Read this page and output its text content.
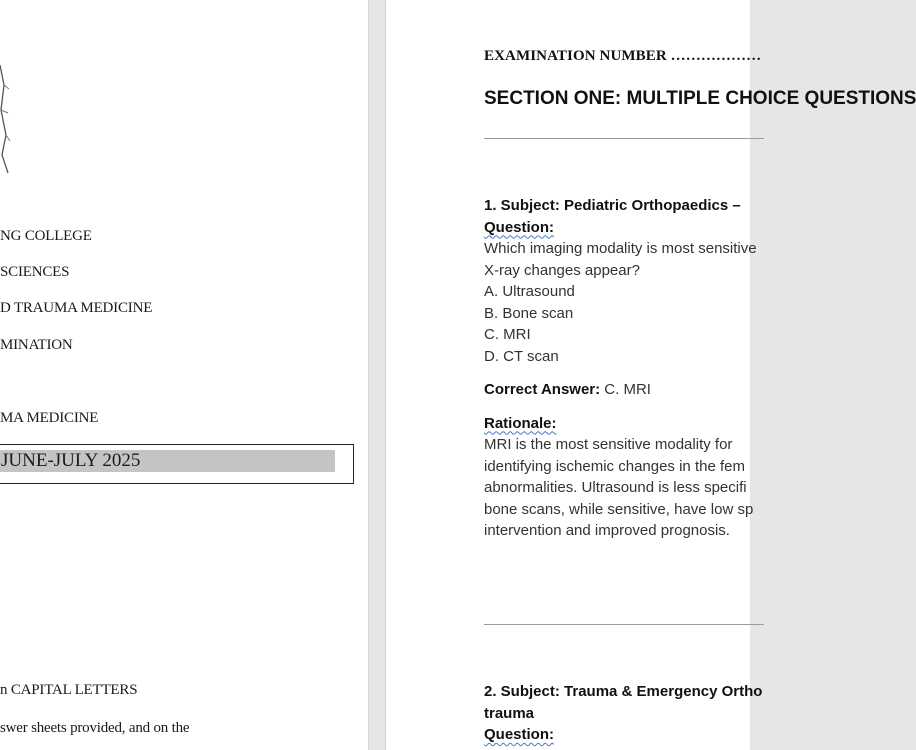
NG COLLEGE
SCIENCES
D TRAUMA MEDICINE
MINATION
MA MEDICINE
JUNE-JULY 2025
n CAPITAL LETTERS
swer sheets provided, and on the
EXAMINATION NUMBER ………………
SECTION ONE: MULTIPLE CHOICE QUESTIONS
1. Subject: Pediatric Orthopaedics –
Question:
Which imaging modality is most sensitive
X-ray changes appear?
A. Ultrasound
B. Bone scan
C. MRI
D. CT scan
Correct Answer: C. MRI
Rationale:
MRI is the most sensitive modality for
identifying ischemic changes in the fem
abnormalities. Ultrasound is less specifi
bone scans, while sensitive, have low sp
intervention and improved prognosis.
2. Subject: Trauma & Emergency Ortho
trauma
Question:
